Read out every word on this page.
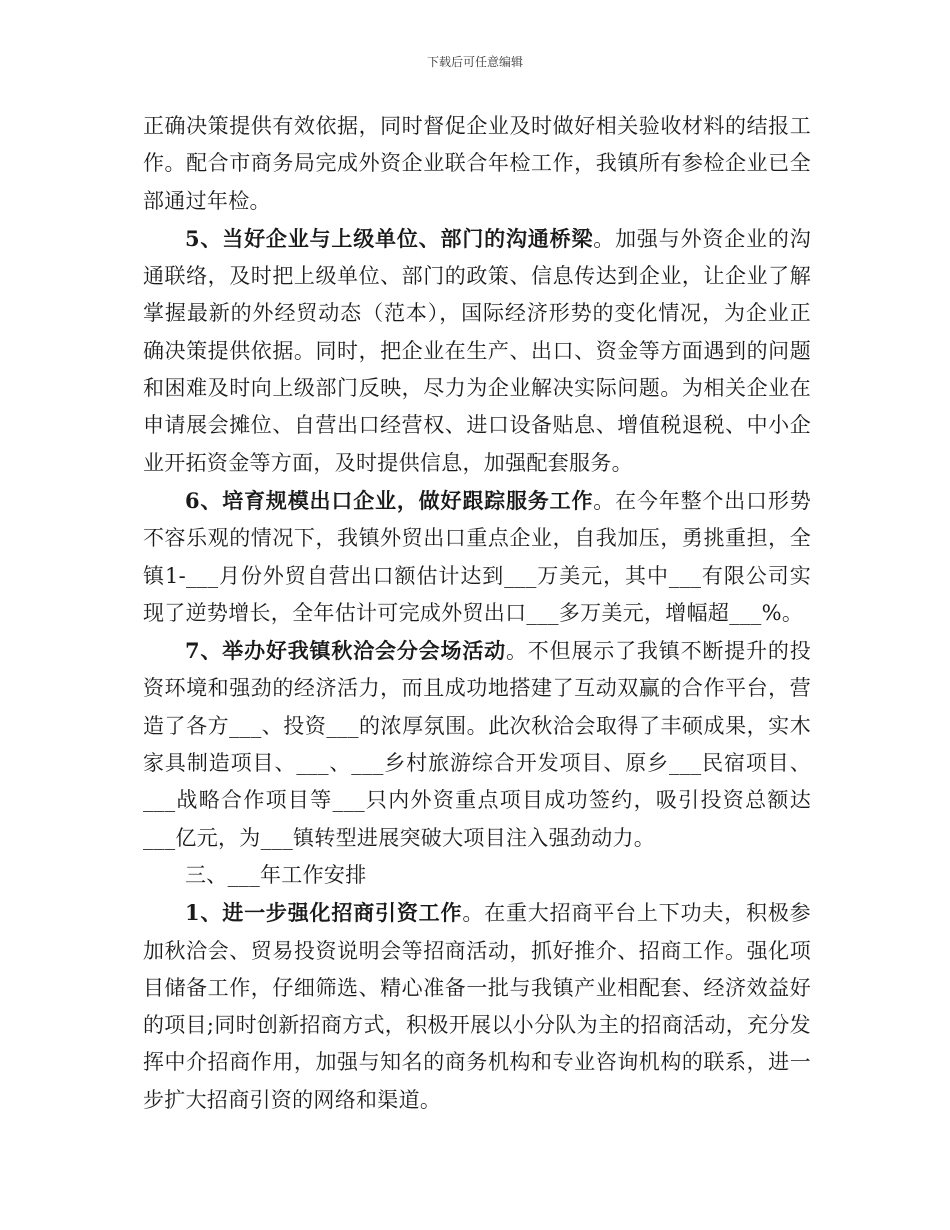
下载后可任意编辑

正确决策提供有效依据，同时督促企业及时做好相关验收材料的结报工作。配合市商务局完成外资企业联合年检工作，我镇所有参检企业已全部通过年检。

5、当好企业与上级单位、部门的沟通桥梁。加强与外资企业的沟通联络，及时把上级单位、部门的政策、信息传达到企业，让企业了解掌握最新的外经贸动态（范本），国际经济形势的变化情况，为企业正确决策提供依据。同时，把企业在生产、出口、资金等方面遇到的问题和困难及时向上级部门反映，尽力为企业解决实际问题。为相关企业在申请展会摊位、自营出口经营权、进口设备贴息、增值税退税、中小企业开拓资金等方面，及时提供信息，加强配套服务。

6、培育规模出口企业，做好跟踪服务工作。在今年整个出口形势不容乐观的情况下，我镇外贸出口重点企业，自我加压，勇挑重担，全镇1-___月份外贸自营出口额估计达到___万美元，其中___有限公司实现了逆势增长，全年估计可完成外贸出口___多万美元，增幅超___%。

7、举办好我镇秋洽会分会场活动。不但展示了我镇不断提升的投资环境和强劲的经济活力，而且成功地搭建了互动双赢的合作平台，营造了各方___、投资___的浓厚氛围。此次秋洽会取得了丰硕成果，实木家具制造项目、___、___乡村旅游综合开发项目、原乡___民宿项目、___战略合作项目等___只内外资重点项目成功签约，吸引投资总额达___亿元，为___镇转型进展突破大项目注入强劲动力。

三、___年工作安排

1、进一步强化招商引资工作。在重大招商平台上下功夫，积极参加秋洽会、贸易投资说明会等招商活动，抓好推介、招商工作。强化项目储备工作，仔细筛选、精心准备一批与我镇产业相配套、经济效益好的项目;同时创新招商方式，积极开展以小分队为主的招商活动，充分发挥中介招商作用，加强与知名的商务机构和专业咨询机构的联系，进一步扩大招商引资的网络和渠道。
